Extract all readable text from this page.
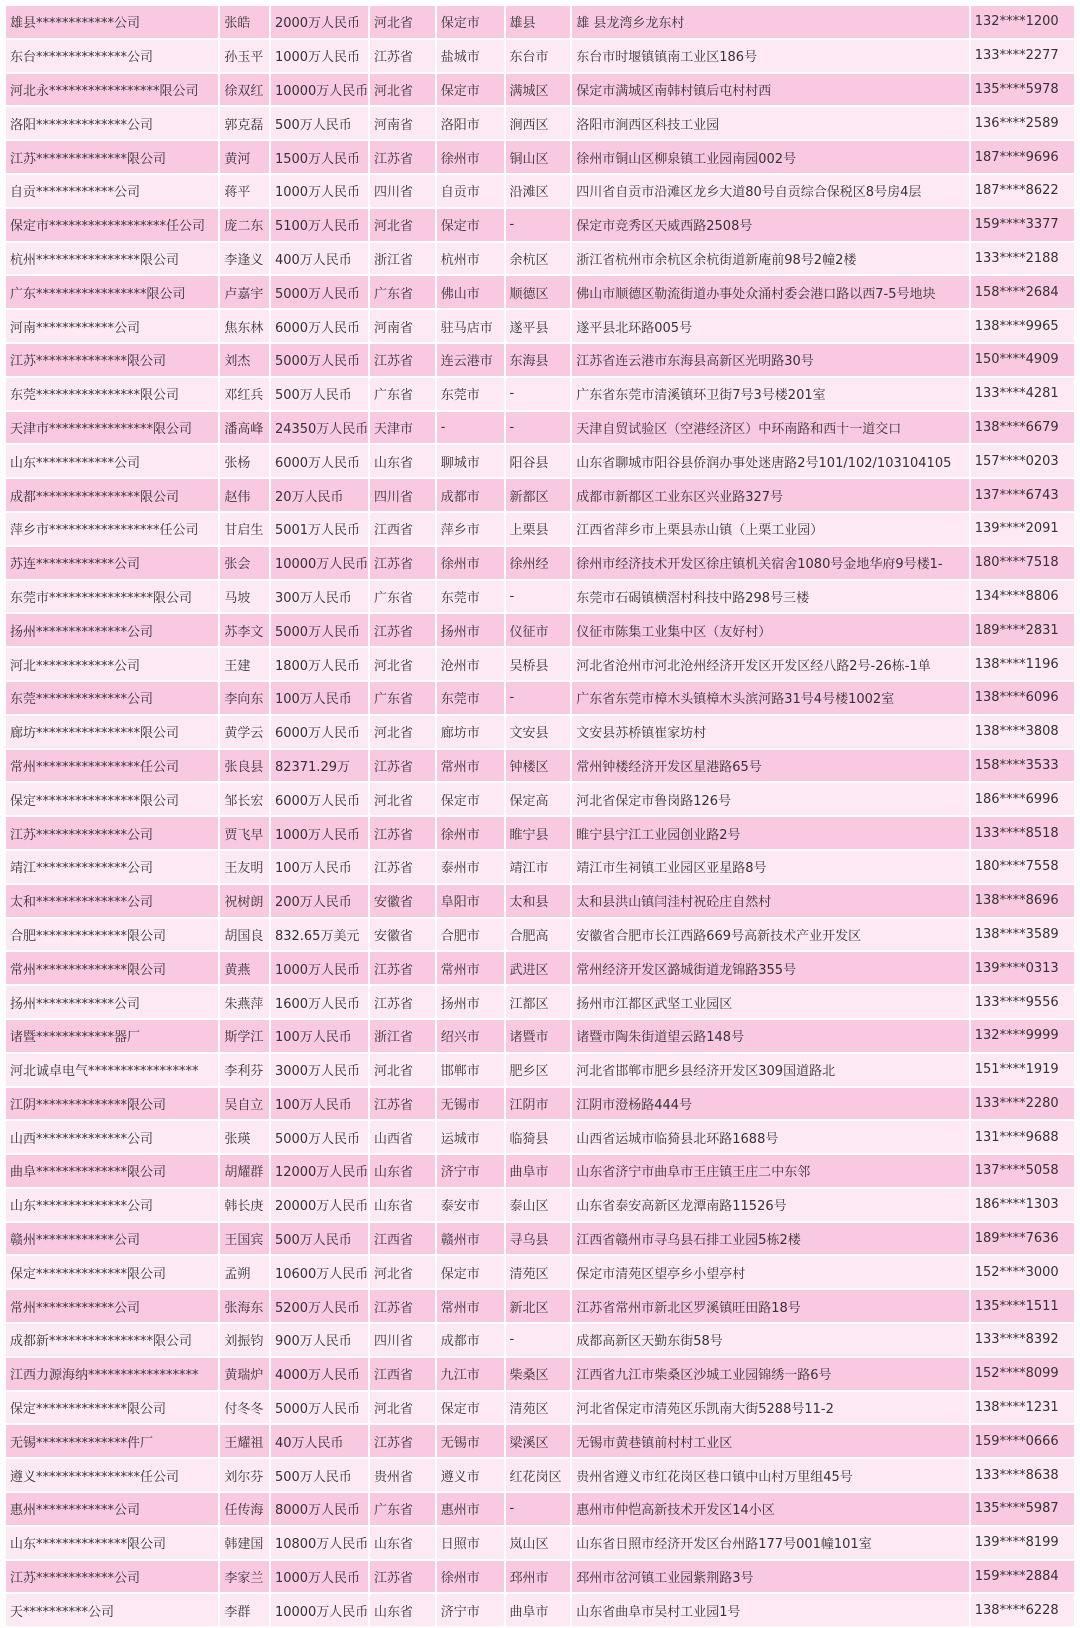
雄县************公司	张皓	2000万人民币	河北省	保定市	雄县	雄 县龙湾乡龙东村	132****1200
东台**************公司	孙玉平	1000万人民币	江苏省	盐城市	东台市	东台市时堰镇镇南工业区186号	133****2277
河北永*****************限公司	徐双红	10000万人民币	河北省	保定市	满城区	保定市满城区南韩村镇后屯村村西	135****5978
洛阳**************公司	郭克磊	500万人民币	河南省	洛阳市	涧西区	洛阳市涧西区科技工业园	136****2589
江苏**************限公司	黄河	1500万人民币	江苏省	徐州市	铜山区	徐州市铜山区柳泉镇工业园南园002号	187****9696
自贡************公司	蒋平	1000万人民币	四川省	自贡市	沿滩区	四川省自贡市沿滩区龙乡大道80号自贡综合保税区8号房4层	187****8622
保定市******************任公司	庞二东	5100万人民币	河北省	保定市	-	保定市竞秀区天威西路2508号	159****3377
杭州****************限公司	李逢义	400万人民币	浙江省	杭州市	余杭区	浙江省杭州市余杭区余杭街道新庵前98号2幢2楼	133****2188
广东*****************限公司	卢嘉宇	5000万人民币	广东省	佛山市	顺德区	佛山市顺德区勒流街道办事处众涌村委会港口路以西7-5号地块	158****2684
河南************公司	焦东林	6000万人民币	河南省	驻马店市	遂平县	遂平县北环路005号	138****9965
江苏**************限公司	刘杰	5000万人民币	江苏省	连云港市	东海县	江苏省连云港市东海县高新区光明路30号	150****4909
东莞****************限公司	邓红兵	500万人民币	广东省	东莞市	-	广东省东莞市清溪镇环卫街7号3号楼201室	133****4281
天津市****************限公司	潘高峰	24350万人民币	天津市	-	-	天津自贸试验区（空港经济区）中环南路和西十一道交口	138****6679
山东************公司	张杨	6000万人民币	山东省	聊城市	阳谷县	山东省聊城市阳谷县侨润办事处迷唐路2号101/102/103104105	157****0203
成都****************限公司	赵伟	20万人民币	四川省	成都市	新都区	成都市新都区工业东区兴业路327号	137****6743
萍乡市*****************任公司	甘启生	5001万人民币	江西省	萍乡市	上栗县	江西省萍乡市上栗县赤山镇（上栗工业园）	139****2091
苏连************公司	张会	10000万人民币	江苏省	徐州市	徐州经	徐州市经济技术开发区徐庄镇机关宿舍1080号金地华府9号楼1-	180****7518
东莞市****************限公司	马坡	300万人民币	广东省	东莞市	-	东莞市石碣镇横滘村科技中路298号三楼	134****8806
扬州**************公司	苏李文	5000万人民币	江苏省	扬州市	仪征市	仪征市陈集工业集中区（友好村）	189****2831
河北************公司	王建	1800万人民币	河北省	沧州市	吴桥县	河北省沧州市河北沧州经济开发区开发区经八路2号-26栋-1单	138****1196
东莞**************公司	李向东	100万人民币	广东省	东莞市	-	广东省东莞市樟木头镇樟木头滨河路31号4号楼1002室	138****6096
廊坊****************限公司	黄学云	6000万人民币	河北省	廊坊市	文安县	文安县苏桥镇崔家坊村	138****3808
常州****************任公司	张良县	82371.29万	江苏省	常州市	钟楼区	常州钟楼经济开发区星港路65号	158****3533
保定****************限公司	邹长宏	6000万人民币	河北省	保定市	保定高	河北省保定市鲁岗路126号	186****6996
江苏**************公司	贾飞早	1000万人民币	江苏省	徐州市	睢宁县	睢宁县宁江工业园创业路2号	133****8518
靖江**************公司	王友明	100万人民币	江苏省	泰州市	靖江市	靖江市生祠镇工业园区亚星路8号	180****7558
太和**************公司	祝树朗	200万人民币	安徽省	阜阳市	太和县	太和县洪山镇闫洼村祝砼庄自然村	138****8696
合肥**************限公司	胡国良	832.65万美元	安徽省	合肥市	合肥高	安徽省合肥市长江西路669号高新技术产业开发区	138****3589
常州**************限公司	黄燕	1000万人民币	江苏省	常州市	武进区	常州经济开发区潞城街道龙锦路355号	139****0313
扬州************公司	朱燕萍	1600万人民币	江苏省	扬州市	江都区	扬州市江都区武坚工业园区	133****9556
诸暨************器厂	斯学江	100万人民币	浙江省	绍兴市	诸暨市	诸暨市陶朱街道望云路148号	132****9999
河北诚卓电气*****************	李利芬	3000万人民币	河北省	邯郸市	肥乡区	河北省邯郸市肥乡县经济开发区309国道路北	151****1919
江阴**************限公司	吴自立	100万人民币	江苏省	无锡市	江阴市	江阴市澄杨路444号	133****2280
山西**************公司	张瑛	5000万人民币	山西省	运城市	临猗县	山西省运城市临猗县北环路1688号	131****9688
曲阜**************限公司	胡耀群	12000万人民币	山东省	济宁市	曲阜市	山东省济宁市曲阜市王庄镇王庄二中东邻	137****5058
山东**************公司	韩长庚	20000万人民币	山东省	泰安市	泰山区	山东省泰安高新区龙潭南路11526号	186****1303
赣州************公司	王国宾	500万人民币	江西省	赣州市	寻乌县	江西省赣州市寻乌县石排工业园5栋2楼	189****7636
保定**************限公司	孟朔	10600万人民币	河北省	保定市	清苑区	保定市清苑区望亭乡小望亭村	152****3000
常州************公司	张海东	5200万人民币	江苏省	常州市	新北区	江苏省常州市新北区罗溪镇旺田路18号	135****1511
成都新****************限公司	刘振钧	900万人民币	四川省	成都市	-	成都高新区天勤东街58号	133****8392
江西力源海纳*****************	黄瑞炉	4000万人民币	江西省	九江市	柴桑区	江西省九江市柴桑区沙城工业园锦绣一路6号	152****8099
保定**************限公司	付冬冬	5000万人民币	河北省	保定市	清苑区	河北省保定市清苑区乐凯南大街5288号11-2	138****1231
无锡**************件厂	王耀祖	40万人民币	江苏省	无锡市	梁溪区	无锡市黄巷镇前村村工业区	159****0666
遵义****************任公司	刘尔芬	500万人民币	贵州省	遵义市	红花岗区	贵州省遵义市红花岗区巷口镇中山村万里组45号	133****8638
惠州************公司	任传海	8000万人民币	广东省	惠州市	-	惠州市仲恺高新技术开发区14小区	135****5987
山东**************限公司	韩建国	10800万人民币	山东省	日照市	岚山区	山东省日照市经济开发区台州路177号001幢101室	139****8199
江苏************公司	李家兰	1000万人民币	江苏省	徐州市	邳州市	邳州市岔河镇工业园紫荆路3号	159****2884
天**********公司	李群	10000万人民币	山东省	济宁市	曲阜市	山东省曲阜市吴村工业园1号	138****6228
